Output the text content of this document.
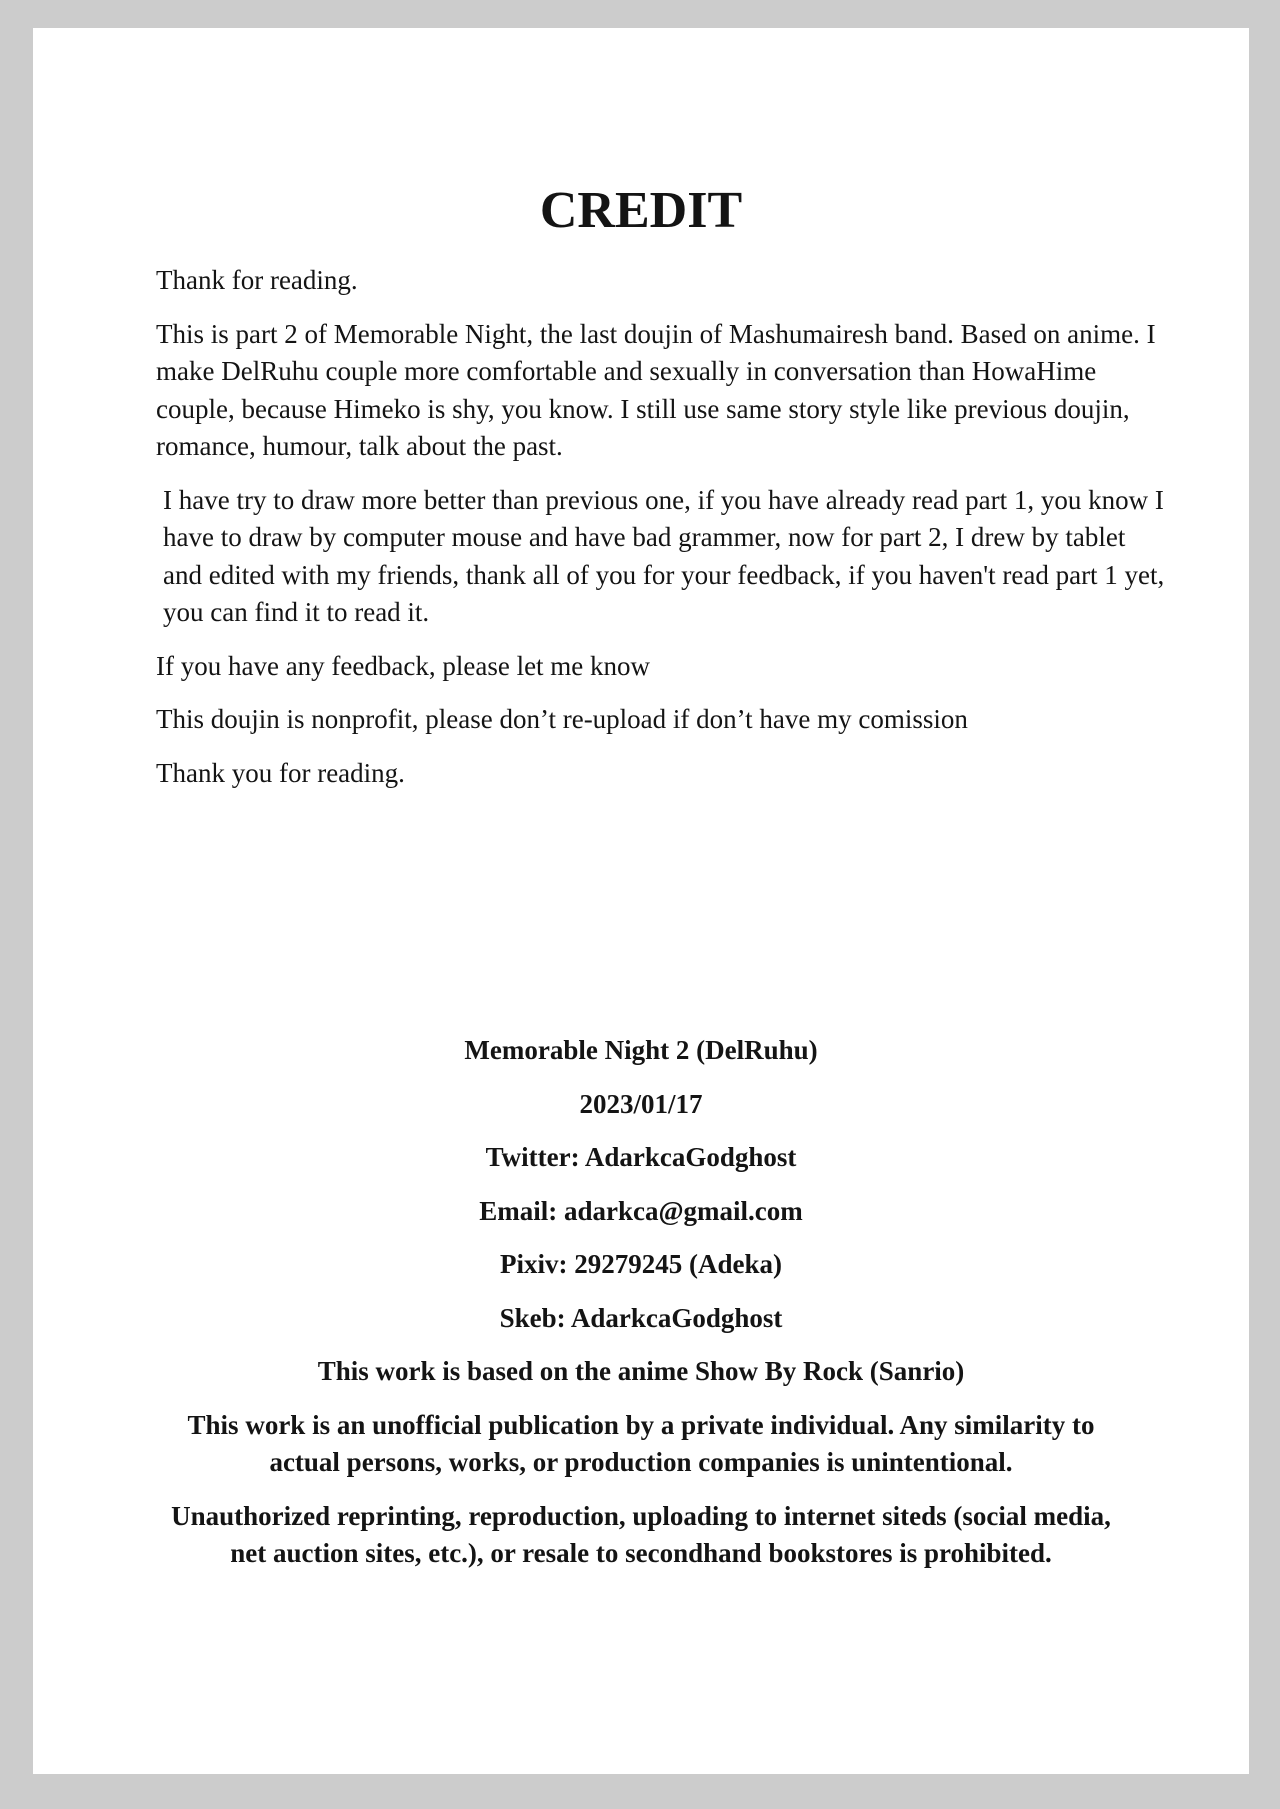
CREDIT

Thank for reading.

This is part 2 of Memorable Night, the last doujin of Mashumairesh band. Based on anime. I make DelRuhu couple more comfortable and sexually in conversation than HowaHime couple, because Himeko is shy, you know. I still use same story style like previous doujin, romance, humour, talk about the past.

I have try to draw more better than previous one, if you have already read part 1, you know I have to draw by computer mouse and have bad grammer, now for part 2, I drew by tablet and edited with my friends, thank all of you for your feedback, if you haven't read part 1 yet, you can find it to read it.

If you have any feedback, please let me know

This doujin is nonprofit, please don’t re-upload if don’t have my comission

Thank you for reading.

Memorable Night 2 (DelRuhu)

2023/01/17

Twitter: AdarkcaGodghost

Email: adarkca@gmail.com

Pixiv: 29279245 (Adeka)

Skeb: AdarkcaGodghost

This work is based on the anime Show By Rock (Sanrio)

This work is an unofficial publication by a private individual. Any similarity to actual persons, works, or production companies is unintentional.

Unauthorized reprinting, reproduction, uploading to internet siteds (social media, net auction sites, etc.), or resale to secondhand bookstores is prohibited.
